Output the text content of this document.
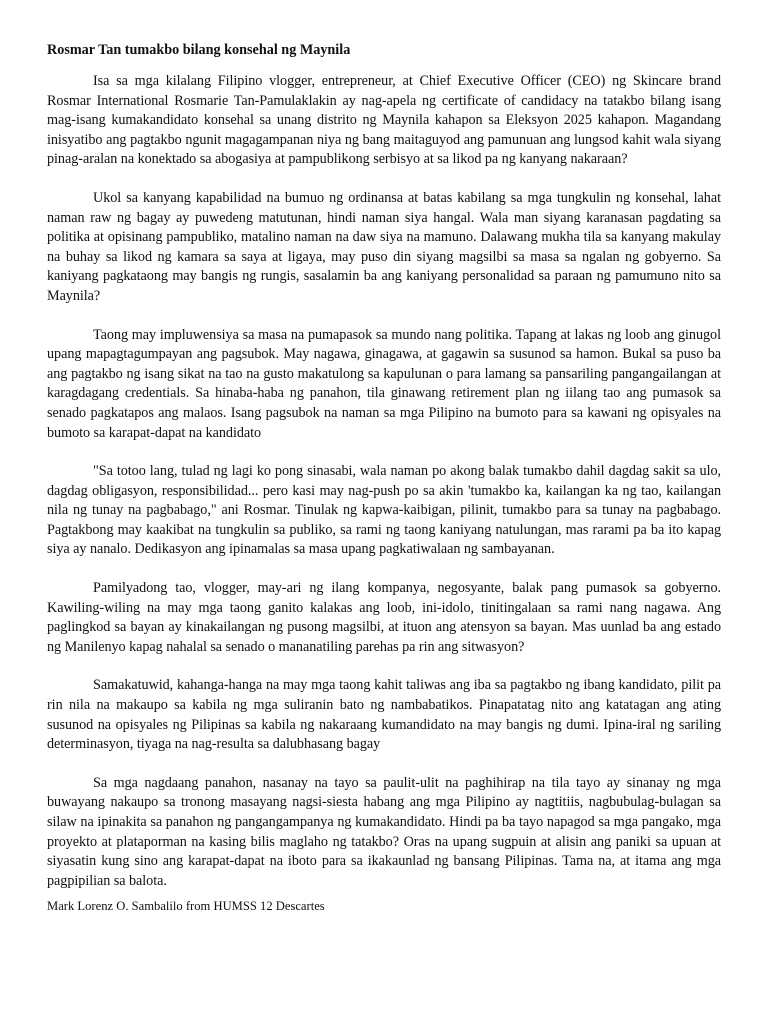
Rosmar Tan tumakbo bilang konsehal ng Maynila

Isa sa mga kilalang Filipino vlogger, entrepreneur, at Chief Executive Officer (CEO) ng Skincare brand Rosmar International Rosmarie Tan-Pamulaklakin ay nag-apela ng certificate of candidacy na tatakbo bilang isang mag-isang kumakandidato konsehal sa unang distrito ng Maynila kahapon sa Eleksyon 2025 kahapon. Magandang inisyatibo ang pagtakbo ngunit magagampanan niya ng bang maitaguyod ang pamunuan ang lungsod kahit wala siyang pinag-aralan na konektado sa abogasiya at pampublikong serbisyo at sa likod pa ng kanyang nakaraan?

Ukol sa kanyang kapabilidad na bumuo ng ordinansa at batas kabilang sa mga tungkulin ng konsehal, lahat naman raw ng bagay ay puwedeng matutunan, hindi naman siya hangal. Wala man siyang karanasan pagdating sa politika at opisinang pampubliko, matalino naman na daw siya na mamuno. Dalawang mukha tila sa kanyang makulay na buhay sa likod ng kamara sa saya at ligaya, may puso din siyang magsilbi sa masa sa ngalan ng gobyerno. Sa kaniyang pagkataong may bangis ng rungis, sasalamin ba ang kaniyang personalidad sa paraan ng pamumuno nito sa Maynila?

Taong may impluwensiya sa masa na pumapasok sa mundo nang politika. Tapang at lakas ng loob ang ginugol upang mapagtagumpayan ang pagsubok. May nagawa, ginagawa, at gagawin sa susunod sa hamon. Bukal sa puso ba ang pagtakbo ng isang sikat na tao na gusto makatulong sa kapulunan o para lamang sa pansariling pangangailangan at karagdagang credentials. Sa hinaba-haba ng panahon, tila ginawang retirement plan ng iilang tao ang pumasok sa senado pagkatapos ang malaos. Isang pagsubok na naman sa mga Pilipino na bumoto para sa kawani ng opisyales na bumoto sa karapat-dapat na kandidato

"Sa totoo lang, tulad ng lagi ko pong sinasabi, wala naman po akong balak tumakbo dahil dagdag sakit sa ulo, dagdag obligasyon, responsibilidad... pero kasi may nag-push po sa akin 'tumakbo ka, kailangan ka ng tao, kailangan nila ng tunay na pagbabago," ani Rosmar. Tinulak ng kapwa-kaibigan, pilinit, tumakbo para sa tunay na pagbabago. Pagtakbong may kaakibat na tungkulin sa publiko, sa rami ng taong kaniyang natulungan, mas rarami pa ba ito kapag siya ay nanalo. Dedikasyon ang ipinamalas sa masa upang pagkatiwalaan ng sambayanan.

Pamilyadong tao, vlogger, may-ari ng ilang kompanya, negosyante, balak pang pumasok sa gobyerno. Kawiling-wiling na may mga taong ganito kalakas ang loob, ini-idolo, tinitingalaan sa rami nang nagawa. Ang paglingkod sa bayan ay kinakailangan ng pusong magsilbi, at ituon ang atensyon sa bayan. Mas uunlad ba ang estado ng Manilenyo kapag nahalal sa senado o mananatiling parehas pa rin ang sitwasyon?

Samakatuwid, kahanga-hanga na may mga taong kahit taliwas ang iba sa pagtakbo ng ibang kandidato, pilit pa rin nila na makaupo sa kabila ng mga suliranin bato ng nambabatikos. Pinapatatag nito ang katatagan ang ating susunod na opisyales ng Pilipinas sa kabila ng nakaraang kumandidato na may bangis ng dumi. Ipina-iral ng sariling determinasyon, tiyaga na nag-resulta sa dalubhasang bagay

Sa mga nagdaang panahon, nasanay na tayo sa paulit-ulit na paghihirap na tila tayo ay sinanay ng mga buwayang nakaupo sa tronong masayang nagsi-siesta habang ang mga Pilipino ay nagtitiis, nagbubulag-bulagan sa silaw na ipinakita sa panahon ng pangangampanya ng kumakandidato. Hindi pa ba tayo napagod sa mga pangako, mga proyekto at plataporman na kasing bilis maglaho ng tatakbo? Oras na upang sugpuin at alisin ang paniki sa upuan at siyasatin kung sino ang karapat-dapat na iboto para sa ikakaunlad ng bansang Pilipinas. Tama na, at itama ang mga pagpipilian sa balota.

Mark Lorenz O. Sambalilo from HUMSS 12 Descartes
